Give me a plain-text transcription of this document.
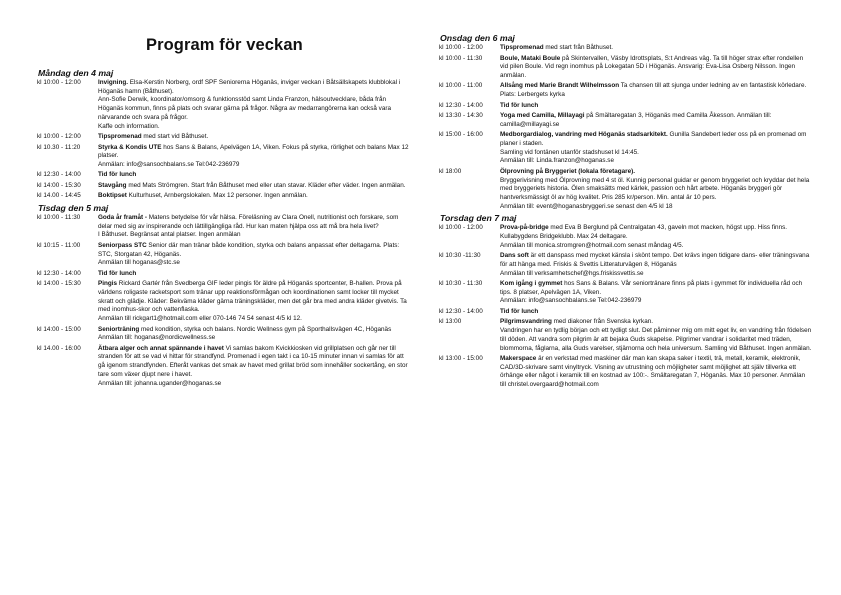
Program för veckan
Måndag den 4 maj
kl 10:00 - 12:00	Invigning. Elsa-Kerstin Norberg, ordf SPF Seniorerna Höganäs, inviger veckan i Båtsällskapets klubblokal i Höganäs hamn (Båthuset).
Ann-Sofie Derwik, koordinator/omsorg & funktionsstöd samt Linda Franzon, hälsoutvecklare, båda från Höganäs kommun, finns på plats och svarar gärna på frågor. Några av medarrangörerna kan också vara närvarande och svara på frågor.
Kaffe och information.
kl 10:00 - 12:00	Tipspromenad med start vid Båthuset.
kl 10.30 - 11:20	Styrka & Kondis UTE hos Sans & Balans, Apelvägen 1A, Viken. Fokus på styrka, rörlighet och balans Max 12 platser.
Anmälan: info@sansochbalans.se Tel:042-236979
kl 12:30 - 14:00	Tid för lunch
kl 14:00 - 15:30	Stavgång med Mats Strömgren. Start från Båthuset med eller utan stavar. Kläder efter väder. Ingen anmälan.
kl 14.00 - 14:45	Boktipset Kulturhuset, Arnbergslokalen. Max 12 personer. Ingen anmälan.
Tisdag den 5 maj
kl 10:00 - 11:30	Goda år framåt - Matens betydelse för vår hälsa. Föreläsning av Clara Onell, nutritionist och forskare, som delar med sig av inspirerande och lättillgängliga råd. Hur kan maten hjälpa oss att må bra hela livet?
I Båthuset. Begränsat antal platser. Ingen anmälan
kl 10:15 - 11:00	Seniorpass STC Senior där man tränar både kondition, styrka och balans anpassat efter deltagarna. Plats: STC, Storgatan 42, Höganäs.
Anmälan till hoganas@stc.se
kl 12:30 - 14:00	Tid för lunch
kl 14:00 - 15:30	Pingis Rickard Gartér från Svedberga GIF leder pingis för äldre på Höganäs sportcenter, B-hallen. Prova på världens roligaste racketsport som tränar upp reaktionsförmågan och koordinationen samt locker till mycket skratt och glädje. Kläder: Bekväma kläder gärna träningskläder, men det går bra med andra kläder givetvis. Ta med inomhus-skor och vattenflaska.
Anmälan till rickgart1@hotmail.com eller 070-146 74 54 senast 4/5 kl 12.
kl 14:00 - 15:00	Seniorträning med kondition, styrka och balans. Nordic Wellness gym på Sporthallsvägen 4C, Höganäs
Anmälan till: hoganas@nordicwellness.se
kl 14.00 - 16:00	Ätbara alger och annat spännande i havet Vi samlas bakom Kvickkiosken vid grillplatsen och går ner till stranden för att se vad vi hittar för strandfynd. Promenad i egen takt i ca 10-15 minuter innan vi samlas för att gå igenom strandfynden. Efteråt vankas det smak av havet med grillat bröd som innehåller sockertång, en stor tare som växer djupt nere i havet.
Anmälan till: johanna.ugander@hoganas.se
Onsdag den 6 maj
kl 10:00 - 12:00	Tipspromenad med start från Båthuset.
kl 10:00 - 11:30	Boule, Mataki Boule på Skintervallen, Väsby Idrottsplats, S:t Andreas väg. Ta till höger strax efter rondellen vid pilen Boule. Vid regn inomhus på Lokegatan 5D i Höganäs. Ansvarig: Eva-Lisa Osberg Nilsson. Ingen anmälan.
kl 10:00 - 11:00	Allsång med Marie Brandt Wilhelmsson Ta chansen till att sjunga under ledning av en fantastisk körledare. Plats: Lerbergets kyrka
kl 12:30 - 14:00	Tid för lunch
kl 13:30 - 14:30	Yoga med Camilla, Millayagi på Smältaregatan 3, Höganäs med Camilla Åkesson. Anmälan till: camilla@millayagi.se
kl 15:00 - 16:00	Medborgardialog, vandring med Höganäs stadsarkitekt. Gunilla Sandebert leder oss på en promenad om planer i staden.
Samling vid fontänen utanför stadshuset kl 14:45.
Anmälan till: Linda.franzon@hoganas.se
kl 18:00	Ölprovning på Bryggeriet (lokala företagare).
Bryggerivisning med Ölprovning med 4 st öl. Kunnig personal guidar er genom bryggeriet och kryddar det hela med bryggeriets historia. Ölen smaksätts med kärlek, passion och hårt arbete. Höganäs bryggeri gör hantverksmässigt öl av hög kvalitet. Pris 285 kr/person. Min. antal är 10 pers.
Anmälan till: event@hoganasbryggeri.se senast den 4/5 kl 18
Torsdag den 7 maj
kl 10:00 - 12:00	Prova-på-bridge med Eva B Berglund på Centralgatan 43, gaveln mot macken, högst upp. Hiss finns. Kullabygdens Bridgeklubb. Max 24 deltagare.
Anmälan till monica.stromgren@hotmail.com senast måndag 4/5.
kl 10:30 -11:30	Dans soft är ett danspass med mycket känsla i skönt tempo. Det krävs ingen tidigare dans- eller träningsvana för att hänga med. Friskis & Svettis Litteraturvägen 8, Höganäs
Anmälan till verksamhetschef@hgs.friskissvettis.se
kl 10:30 - 11:30	Kom igång i gymmet hos Sans & Balans. Vår seniortränare finns på plats i gymmet för individuella råd och tips. 8 platser, Apelvägen 1A, Viken.
Anmälan: info@sansochbalans.se Tel:042-236979
kl 12:30 - 14:00	Tid för lunch
kl 13:00	Pilgrimsvandring med diakoner från Svenska kyrkan.
Vandringen har en tydlig början och ett tydligt slut. Det påminner mig om mitt eget liv, en vandring från födelsen till döden. Att vandra som pilgrim är att bejaka Guds skapelse. Pilgrimer vandrar i solidaritet med träden, blommorna, fåglarna, alla Guds varelser, stjärnorna och hela universum. Samling vid Båthuset. Ingen anmälan.
kl 13:00 - 15:00	Makerspace är en verkstad med maskiner där man kan skapa saker i textil, trä, metall, keramik, elektronik, CAD/3D-skrivare samt vinyltryck. Visning av utrustning och möjligheter samt möjlighet att själv tillverka ett örhänge eller något i keramik till en kostnad av 100:-. Smältaregatan 7, Höganäs. Max 10 personer. Anmälan till christel.overgaard@hotmail.com
